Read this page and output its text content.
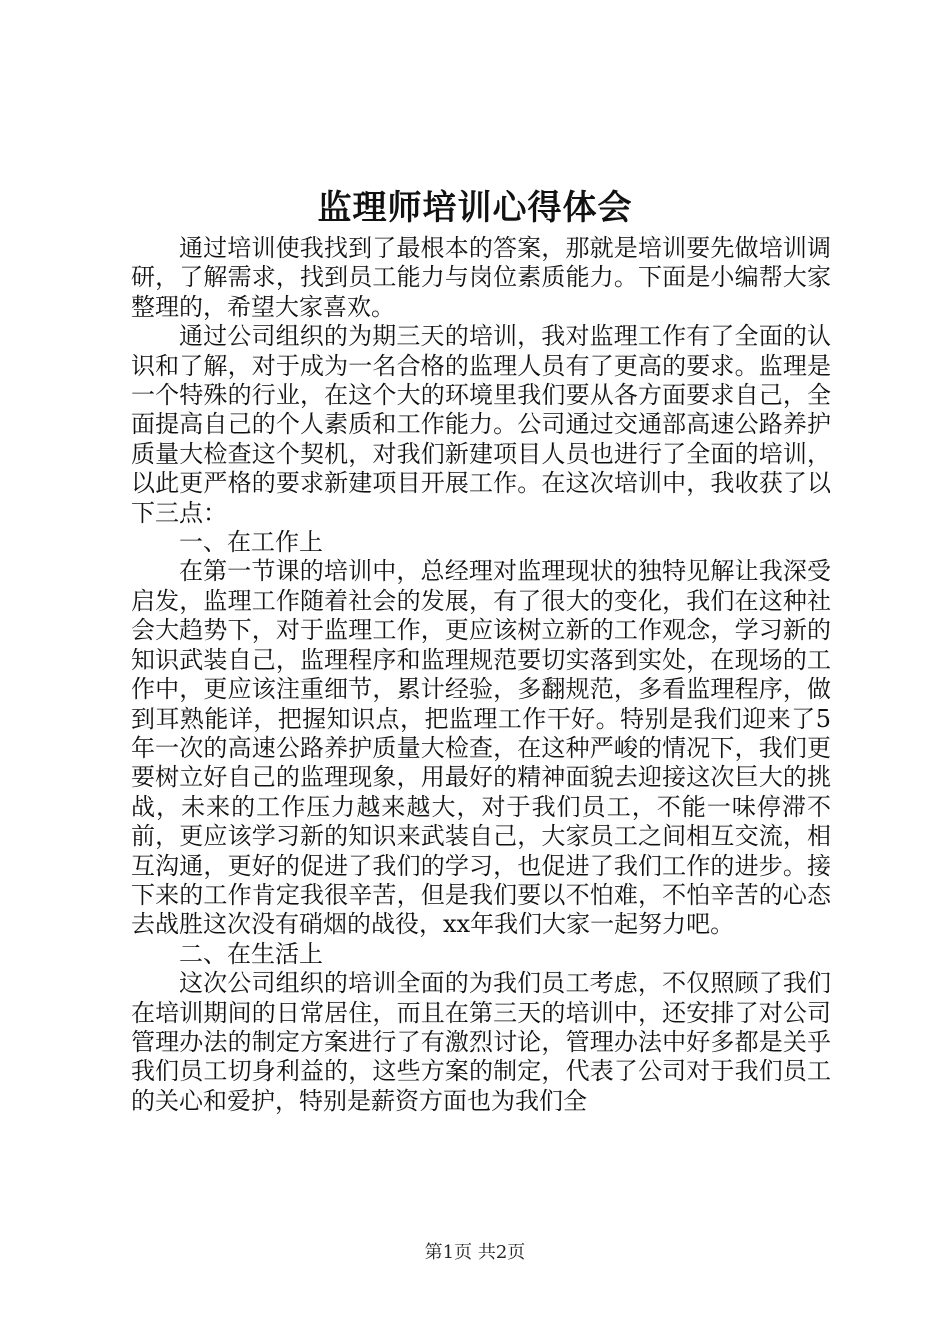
监理师培训心得体会

通过培训使我找到了最根本的答案，那就是培训要先做培训调研，了解需求，找到员工能力与岗位素质能力。下面是小编帮大家整理的，希望大家喜欢。

通过公司组织的为期三天的培训，我对监理工作有了全面的认识和了解，对于成为一名合格的监理人员有了更高的要求。监理是一个特殊的行业，在这个大的环境里我们要从各方面要求自己，全面提高自己的个人素质和工作能力。公司通过交通部高速公路养护质量大检查这个契机，对我们新建项目人员也进行了全面的培训，以此更严格的要求新建项目开展工作。在这次培训中，我收获了以下三点：

一、在工作上

在第一节课的培训中，总经理对监理现状的独特见解让我深受启发，监理工作随着社会的发展，有了很大的变化，我们在这种社会大趋势下，对于监理工作，更应该树立新的工作观念，学习新的知识武装自己，监理程序和监理规范要切实落到实处，在现场的工作中，更应该注重细节，累计经验，多翻规范，多看监理程序，做到耳熟能详，把握知识点，把监理工作干好。特别是我们迎来了5年一次的高速公路养护质量大检查，在这种严峻的情况下，我们更要树立好自己的监理现象，用最好的精神面貌去迎接这次巨大的挑战，未来的工作压力越来越大，对于我们员工，不能一味停滞不前，更应该学习新的知识来武装自己，大家员工之间相互交流，相互沟通，更好的促进了我们的学习，也促进了我们工作的进步。接下来的工作肯定我很辛苦，但是我们要以不怕难，不怕辛苦的心态去战胜这次没有硝烟的战役，xx年我们大家一起努力吧。

二、在生活上

这次公司组织的培训全面的为我们员工考虑，不仅照顾了我们在培训期间的日常居住，而且在第三天的培训中，还安排了对公司管理办法的制定方案进行了有激烈讨论，管理办法中好多都是关乎我们员工切身利益的，这些方案的制定，代表了公司对于我们员工的关心和爱护，特别是薪资方面也为我们全

第1页 共2页
